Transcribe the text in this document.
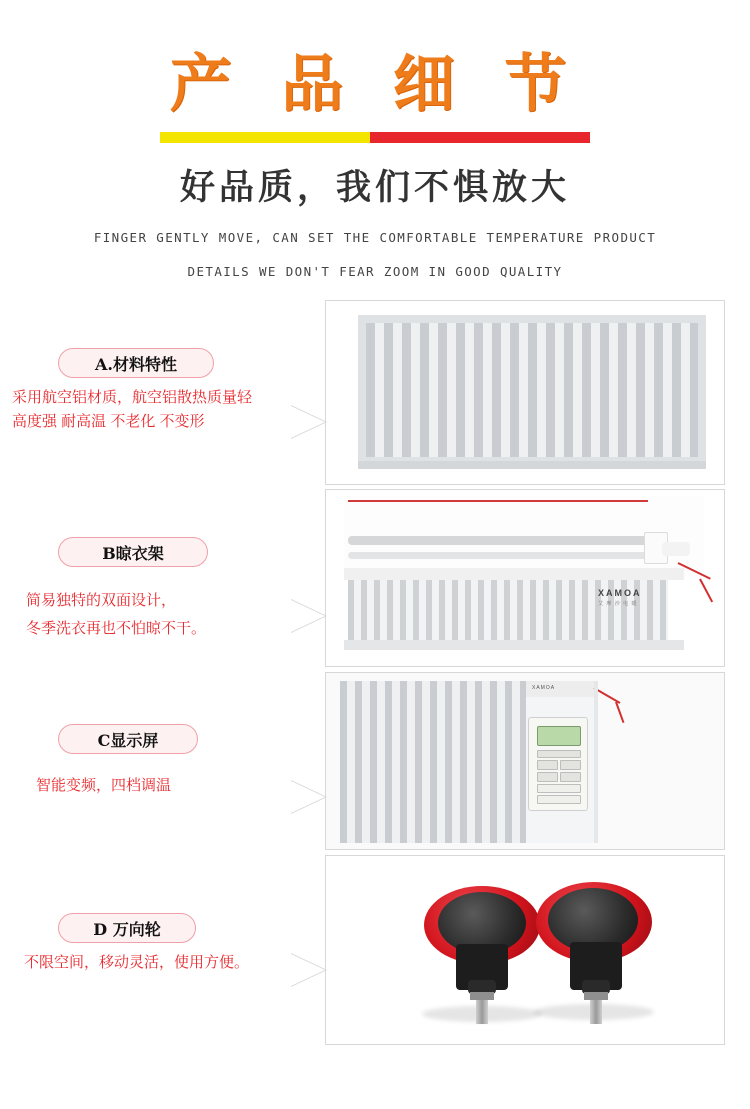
产 品 细 节
好品质，我们不惧放大
FINGER GENTLY MOVE, CAN SET THE COMFORTABLE TEMPERATURE PRODUCT
DETAILS WE DON'T FEAR ZOOM IN GOOD QUALITY
A.材料特性
采用航空铝材质，航空铝散热质量轻
高度强 耐高温 不老化 不变形
XAMOA
艾 摩 沙 电 暖
B晾衣架
简易独特的双面设计，
冬季洗衣再也不怕晾不干。
XAMOA
C显示屏
智能变频，四档调温
D 万向轮
不限空间，移动灵活，使用方便。
